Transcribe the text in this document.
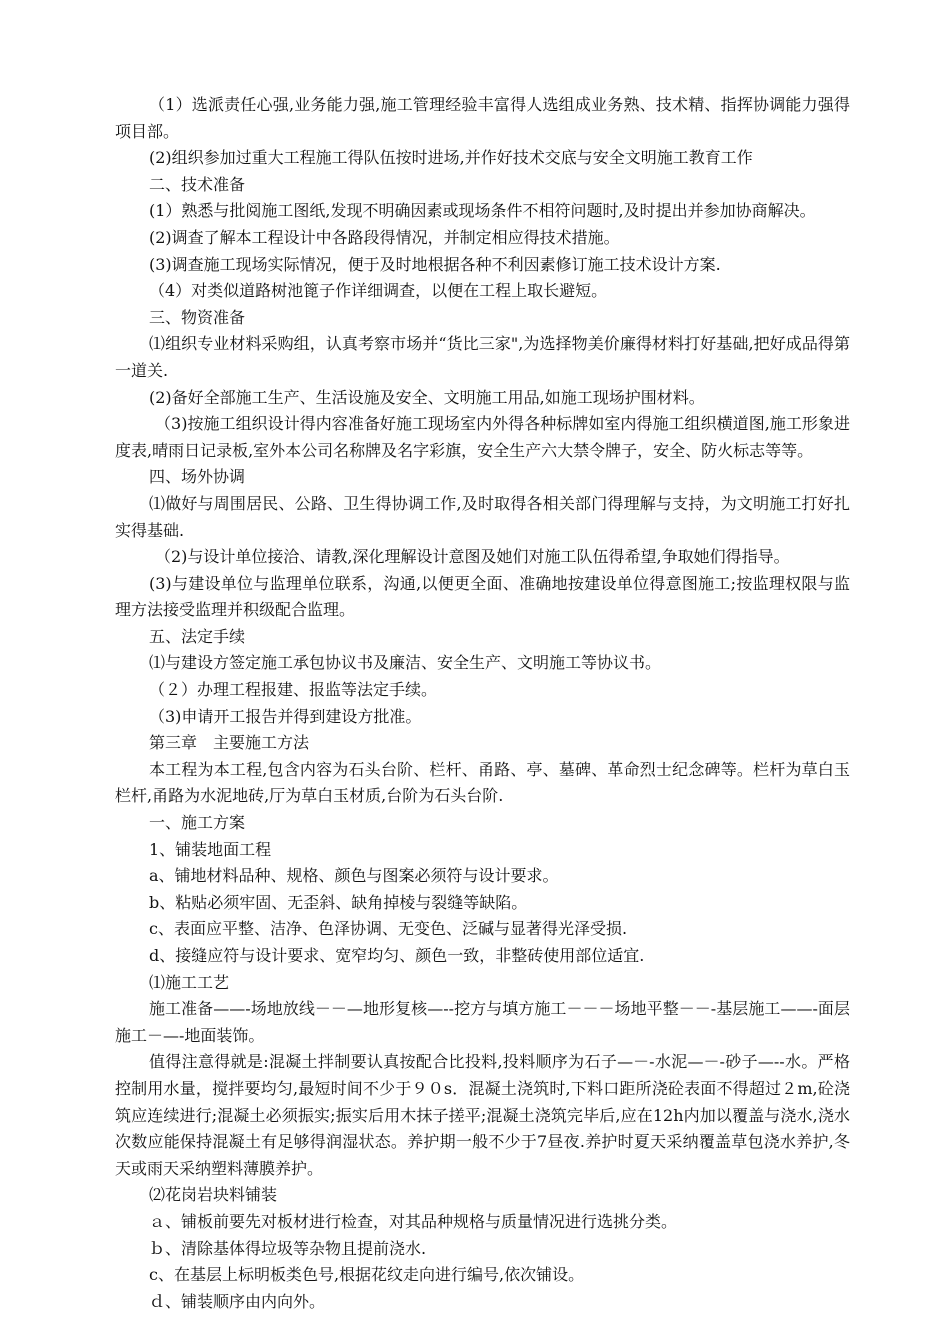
（1）选派责任心强,业务能力强,施工管理经验丰富得人选组成业务熟、技术精、指挥协调能力强得项目部。

(2)组织参加过重大工程施工得队伍按时进场,并作好技术交底与安全文明施工教育工作

二、技术准备

(1）熟悉与批阅施工图纸,发现不明确因素或现场条件不相符问题时,及时提出并参加协商解决。

(2)调查了解本工程设计中各路段得情况，并制定相应得技术措施。

(3)调查施工现场实际情况，便于及时地根据各种不利因素修订施工技术设计方案.

（4）对类似道路树池篦子作详细调查，以便在工程上取长避短。

三、物资准备

⑴组织专业材料采购组，认真考察市场并“货比三家",为选择物美价廉得材料打好基础,把好成品得第一道关.

(2)备好全部施工生产、生活设施及安全、文明施工用品,如施工现场护围材料。

（3)按施工组织设计得内容准备好施工现场室内外得各种标牌如室内得施工组织横道图,施工形象进度表,晴雨日记录板,室外本公司名称牌及名字彩旗，安全生产六大禁令牌子，安全、防火标志等等。

四、场外协调

⑴做好与周围居民、公路、卫生得协调工作,及时取得各相关部门得理解与支持，为文明施工打好扎实得基础.

（2)与设计单位接洽、请教,深化理解设计意图及她们对施工队伍得希望,争取她们得指导。

(3)与建设单位与监理单位联系，沟通,以便更全面、准确地按建设单位得意图施工;按监理权限与监理方法接受监理并积级配合监理。

五、法定手续

⑴与建设方签定施工承包协议书及廉洁、安全生产、文明施工等协议书。

（２）办理工程报建、报监等法定手续。

（3)申请开工报告并得到建设方批准。

第三章　主要施工方法

本工程为本工程,包含内容为石头台阶、栏杆、甬路、亭、墓碑、革命烈士纪念碑等。栏杆为草白玉栏杆,甬路为水泥地砖,厅为草白玉材质,台阶为石头台阶.

一、施工方案

1、铺装地面工程

a、铺地材料品种、规格、颜色与图案必须符与设计要求。

b、粘贴必须牢固、无歪斜、缺角掉棱与裂缝等缺陷。

c、表面应平整、洁净、色泽协调、无变色、泛碱与显著得光泽受损.

d、接缝应符与设计要求、宽窄均匀、颜色一致，非整砖使用部位适宜.

⑴施工工艺

施工准备——-场地放线－－—地形复核—--挖方与填方施工－－－场地平整－－-基层施工——-面层施工－—-地面装饰。

值得注意得就是:混凝土拌制要认真按配合比投料,投料顺序为石子—－-水泥—－-砂子—--水。严格控制用水量，搅拌要均匀,最短时间不少于９０s．混凝土浇筑时,下料口距所浇砼表面不得超过２m,砼浇筑应连续进行;混凝土必须振实;振实后用木抹子搓平;混凝土浇筑完毕后,应在12h内加以覆盖与浇水,浇水次数应能保持混凝土有足够得润湿状态。养护期一般不少于7昼夜.养护时夏天采纳覆盖草包浇水养护,冬天或雨天采纳塑料薄膜养护。

⑵花岗岩块料铺装

ａ、铺板前要先对板材进行检查，对其品种规格与质量情况进行选挑分类。

ｂ、清除基体得垃圾等杂物且提前浇水.

c、在基层上标明板类色号,根据花纹走向进行编号,依次铺设。

ｄ、铺装顺序由内向外。
